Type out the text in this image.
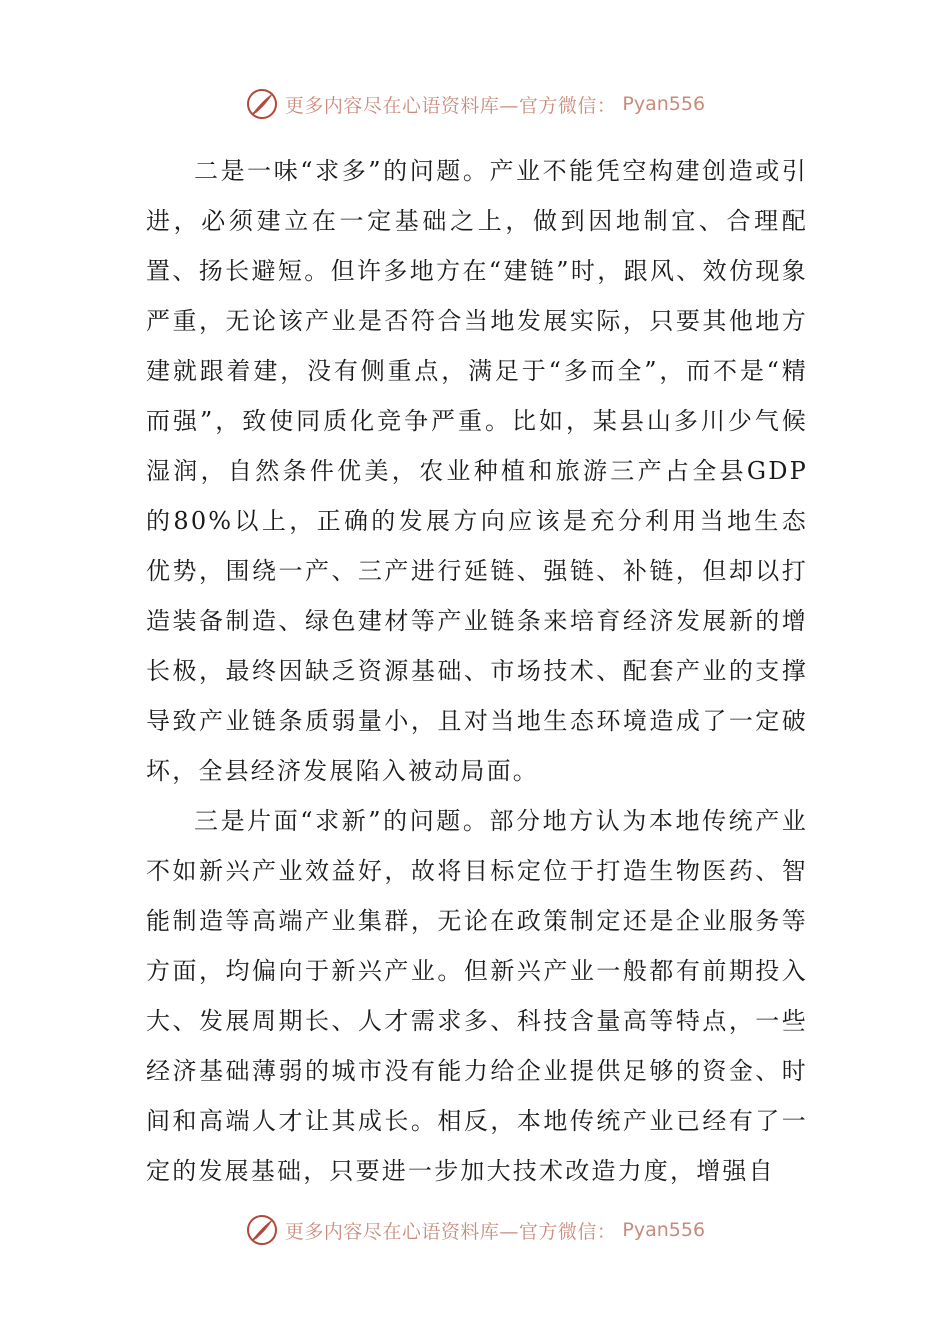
更多内容尽在心语资料库—官方微信： Pyan556

二是一味“求多”的问题。产业不能凭空构建创造或引进，必须建立在一定基础之上，做到因地制宜、合理配置、扬长避短。但许多地方在“建链”时，跟风、效仿现象严重，无论该产业是否符合当地发展实际，只要其他地方建就跟着建，没有侧重点，满足于“多而全”，而不是“精而强”，致使同质化竞争严重。比如，某县山多川少气候湿润，自然条件优美，农业种植和旅游三产占全县GDP的80%以上，正确的发展方向应该是充分利用当地生态优势，围绕一产、三产进行延链、强链、补链，但却以打造装备制造、绿色建材等产业链条来培育经济发展新的增长极，最终因缺乏资源基础、市场技术、配套产业的支撑导致产业链条质弱量小，且对当地生态环境造成了一定破坏，全县经济发展陷入被动局面。

三是片面“求新”的问题。部分地方认为本地传统产业不如新兴产业效益好，故将目标定位于打造生物医药、智能制造等高端产业集群，无论在政策制定还是企业服务等方面，均偏向于新兴产业。但新兴产业一般都有前期投入大、发展周期长、人才需求多、科技含量高等特点，一些经济基础薄弱的城市没有能力给企业提供足够的资金、时间和高端人才让其成长。相反，本地传统产业已经有了一定的发展基础，只要进一步加大技术改造力度，增强自

更多内容尽在心语资料库—官方微信： Pyan556
